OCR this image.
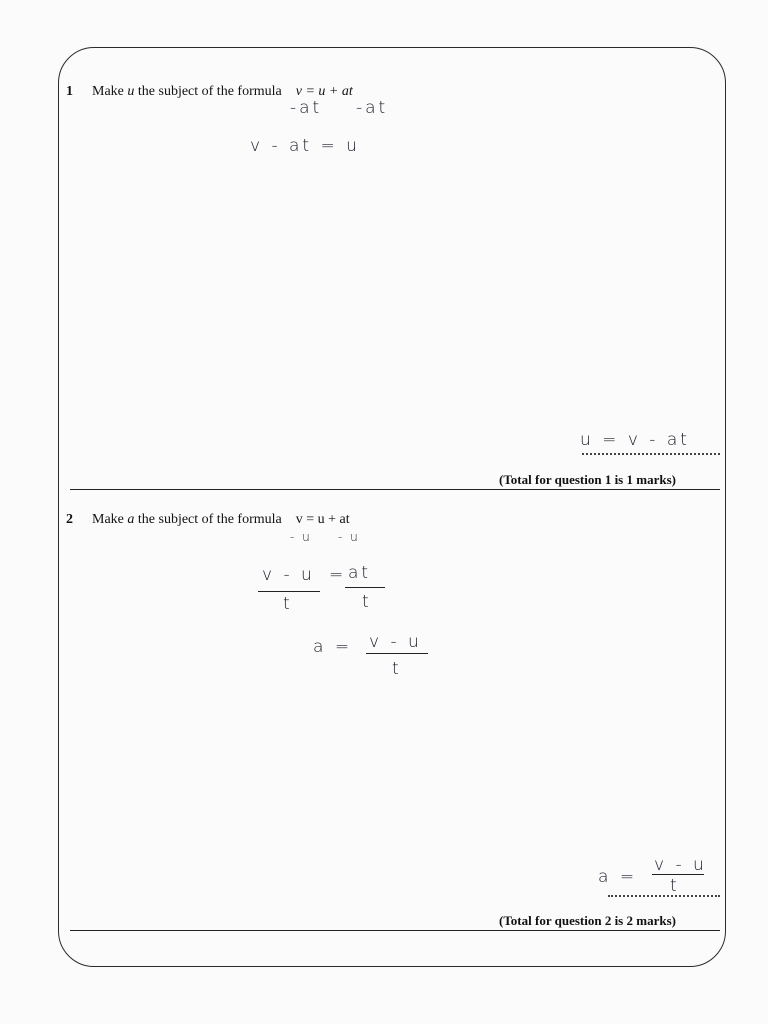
1 Make u the subject of the formula v = u + at
-at -at
v - at = u
u = v - at
(Total for question 1 is 1 marks)
2 Make a the subject of the formula v = u + at
- u - u
v - u = at
t	t
a = v - u
t
a =
v - u
t
(Total for question 2 is 2 marks)
